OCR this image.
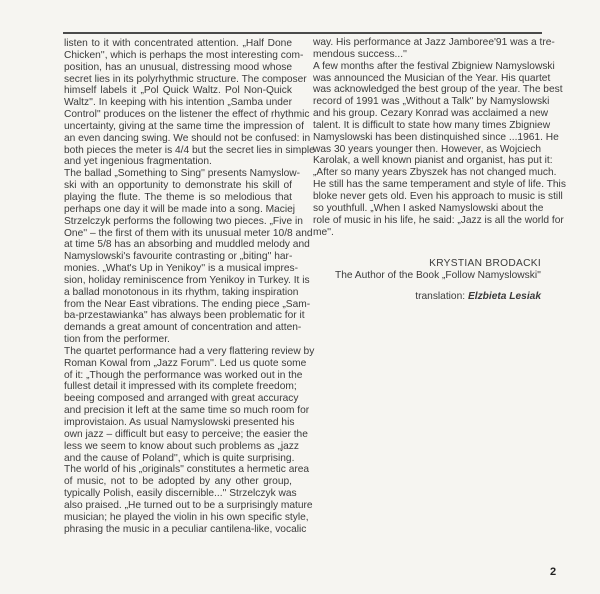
listen to it with concentrated attention. „Half Done
Chicken'', which is perhaps the most interesting com-
position, has an unusual, distressing mood whose
secret lies in its polyrhythmic structure. The composer
himself labels it „Pol Quick Waltz. Pol Non-Quick
Waltz''. In keeping with his intention „Samba under
Control'' produces on the listener the effect of rhythmic
uncertainty, giving at the same time the impression of
an even dancing swing. We should not be confused: in
both pieces the meter is 4/4 but the secret lies in simple
and yet ingenious fragmentation.
The ballad „Something to Sing'' presents Namyslow-
ski with an opportunity to demonstrate his skill of
playing the flute. The theme is so melodious that
perhaps one day it will be made into a song. Maciej
Strzelczyk performs the following two pieces. „Five in
One'' – the first of them with its unusual meter 10/8 and
at time 5/8 has an absorbing and muddled melody and
Namyslowski's favourite contrasting or „biting'' har-
monies. „What's Up in Yenikoy'' is a musical impres-
sion, holiday reminiscence from Yenikoy in Turkey. It is
a ballad monotonous in its rhythm, taking inspiration
from the Near East vibrations. The ending piece „Sam-
ba-przestawianka'' has always been problematic for it
demands a great amount of concentration and atten-
tion from the performer.
The quartet performance had a very flattering review by
Roman Kowal from „Jazz Forum''. Led us quote some
of it: „Though the performance was worked out in the
fullest detail it impressed with its complete freedom;
beeing composed and arranged with great accuracy
and precision it left at the same time so much room for
improvistaion. As usual Namyslowski presented his
own jazz – difficult but easy to perceive; the easier the
less we seem to know about such problems as „jazz
and the cause of Poland'', which is quite surprising.
The world of his „originals'' constitutes a hermetic area
of music, not to be adopted by any other group,
typically Polish, easily discernible...'' Strzelczyk was
also praised. „He turned out to be a surprisingly mature
musician; he played the violin in his own specific style,
phrasing the music in a peculiar cantilena-like, vocalic
way. His performance at Jazz Jamboree'91 was a tre-
mendous success...''
A few months after the festival Zbigniew Namyslowski
was announced the Musician of the Year. His quartet
was acknowledged the best group of the year. The best
record of 1991 was „Without a Talk'' by Namyslowski
and his group. Cezary Konrad was acclaimed a new
talent. It is difficult to state how many times Zbigniew
Namyslowski has been distinquished since ...1961. He
was 30 years younger then. However, as Wojciech
Karolak, a well known pianist and organist, has put it:
„After so many years Zbyszek has not changed much.
He still has the same temperament and style of life. This
bloke never gets old. Even his approach to music is still
so youthfull. „When I asked Namyslowski about the
role of music in his life, he said: „Jazz is all the world for
me''.
KRYSTIAN BRODACKI
The Author of the Book „Follow Namyslowski''
translation: Elzbieta Lesiak
2
